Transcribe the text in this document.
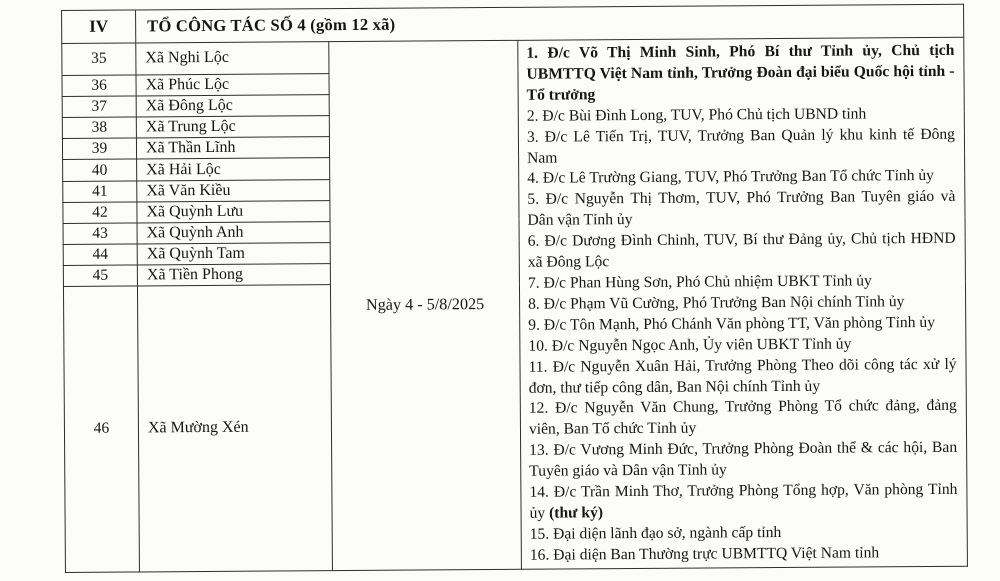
IV	TỔ CÔNG TÁC SỐ 4 (gồm 12 xã)		
35	Xã Nghi Lộc	Ngày 4 - 5/8/2025	

1. Đ/c Võ Thị Minh Sinh, Phó Bí thư Tỉnh ủy, Chủ tịch UBMTTQ Việt Nam tỉnh, Trưởng Đoàn đại biểu Quốc hội tỉnh - Tổ trưởng

2. Đ/c Bùi Đình Long, TUV, Phó Chủ tịch UBND tỉnh

3. Đ/c Lê Tiến Trị, TUV, Trưởng Ban Quản lý khu kinh tế Đông Nam

4. Đ/c Lê Trường Giang, TUV, Phó Trưởng Ban Tổ chức Tỉnh ủy

5. Đ/c Nguyễn Thị Thơm, TUV, Phó Trưởng Ban Tuyên giáo và Dân vận Tỉnh ủy

6. Đ/c Dương Đình Chinh, TUV, Bí thư Đảng ủy, Chủ tịch HĐND xã Đông Lộc

7. Đ/c Phan Hùng Sơn, Phó Chủ nhiệm UBKT Tỉnh ủy

8. Đ/c Phạm Vũ Cường, Phó Trưởng Ban Nội chính Tỉnh ủy

9. Đ/c Tôn Mạnh, Phó Chánh Văn phòng TT, Văn phòng Tỉnh ủy

10. Đ/c Nguyễn Ngọc Anh, Ủy viên UBKT Tỉnh ủy

11. Đ/c Nguyễn Xuân Hải, Trưởng Phòng Theo dõi công tác xử lý đơn, thư tiếp công dân, Ban Nội chính Tỉnh ủy

12. Đ/c Nguyễn Văn Chung, Trưởng Phòng Tổ chức đảng, đảng viên, Ban Tổ chức Tỉnh ủy

13. Đ/c Vương Minh Đức, Trưởng Phòng Đoàn thể & các hội, Ban Tuyên giáo và Dân vận Tỉnh ủy

14. Đ/c Trần Minh Thơ, Trưởng Phòng Tổng hợp, Văn phòng Tỉnh ủy (thư ký)

15. Đại diện lãnh đạo sở, ngành cấp tỉnh

16. Đại diện Ban Thường trực UBMTTQ Việt Nam tỉnh

36	Xã Phúc Lộc		
37	Xã Đông Lộc		
38	Xã Trung Lộc		
39	Xã Thần Lĩnh		
40	Xã Hải Lộc		
41	Xã Văn Kiều		
42	Xã Quỳnh Lưu		
43	Xã Quỳnh Anh		
44	Xã Quỳnh Tam		
45	Xã Tiền Phong		
46	Xã Mường Xén		
